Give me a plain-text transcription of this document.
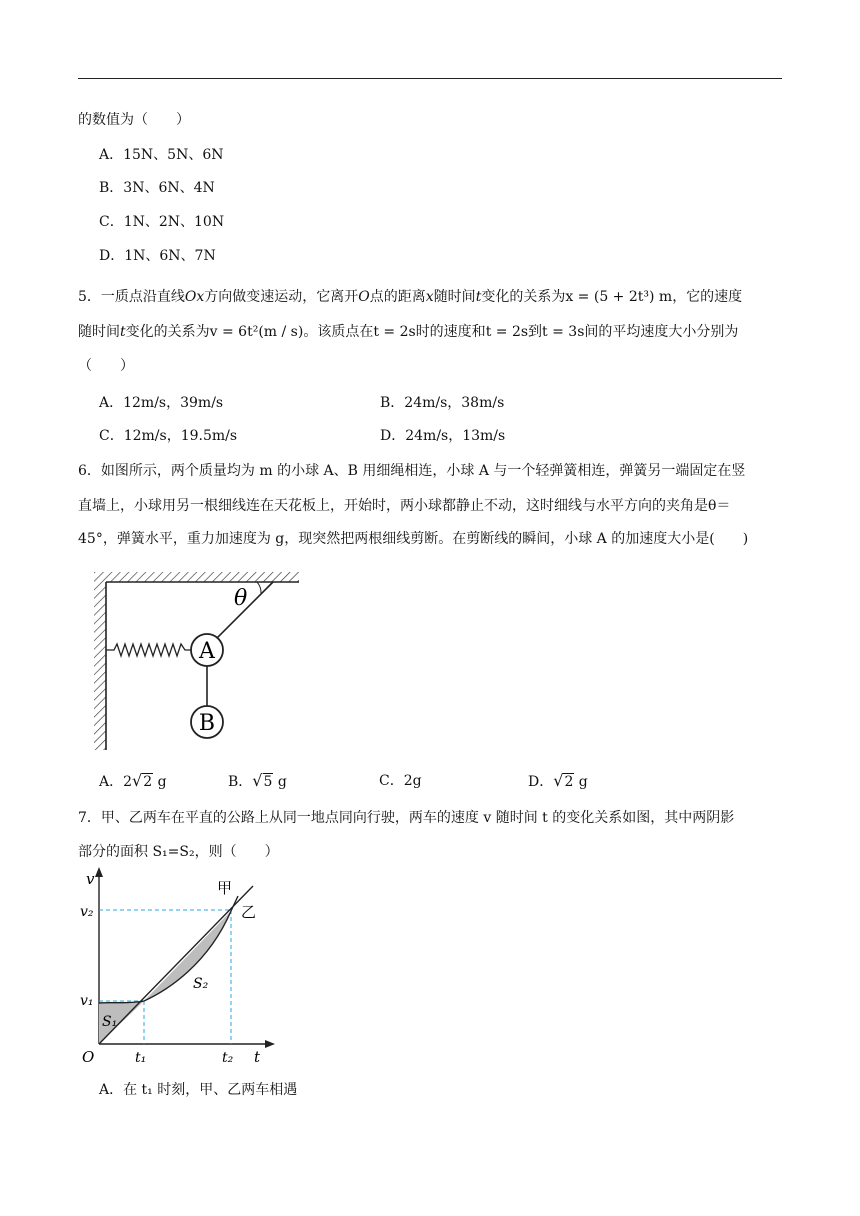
的数值为（　　）
A．15N、5N、6N
B．3N、6N、4N
C．1N、2N、10N
D．1N、6N、7N
5．一质点沿直线Ox方向做变速运动，它离开O点的距离x随时间t变化的关系为x = (5 + 2t³) m，它的速度
随时间t变化的关系为v = 6t²(m / s)。该质点在t = 2s时的速度和t = 2s到t = 3s间的平均速度大小分别为
（　　）
A．12m/s，39m/s	B．24m/s，38m/s
C．12m/s，19.5m/s	D．24m/s，13m/s
6．如图所示，两个质量均为 m 的小球 A、B 用细绳相连，小球 A 与一个轻弹簧相连，弹簧另一端固定在竖
直墙上，小球用另一根细线连在天花板上，开始时，两小球都静止不动，这时细线与水平方向的夹角是θ＝
45°，弹簧水平，重力加速度为 g，现突然把两根细线剪断。在剪断线的瞬间，小球 A 的加速度大小是(　　)
θ
A
B
A．2√2 g	B．√5 g	C．2g	D．√2 g
7．甲、乙两车在平直的公路上从同一地点同向行驶，两车的速度 v 随时间 t 的变化关系如图，其中两阴影
部分的面积 S₁=S₂，则（　　）
v
t
O
v₂
v₁
t₁	t₂
S₁
S₂
甲
乙
A．在 t₁ 时刻，甲、乙两车相遇
